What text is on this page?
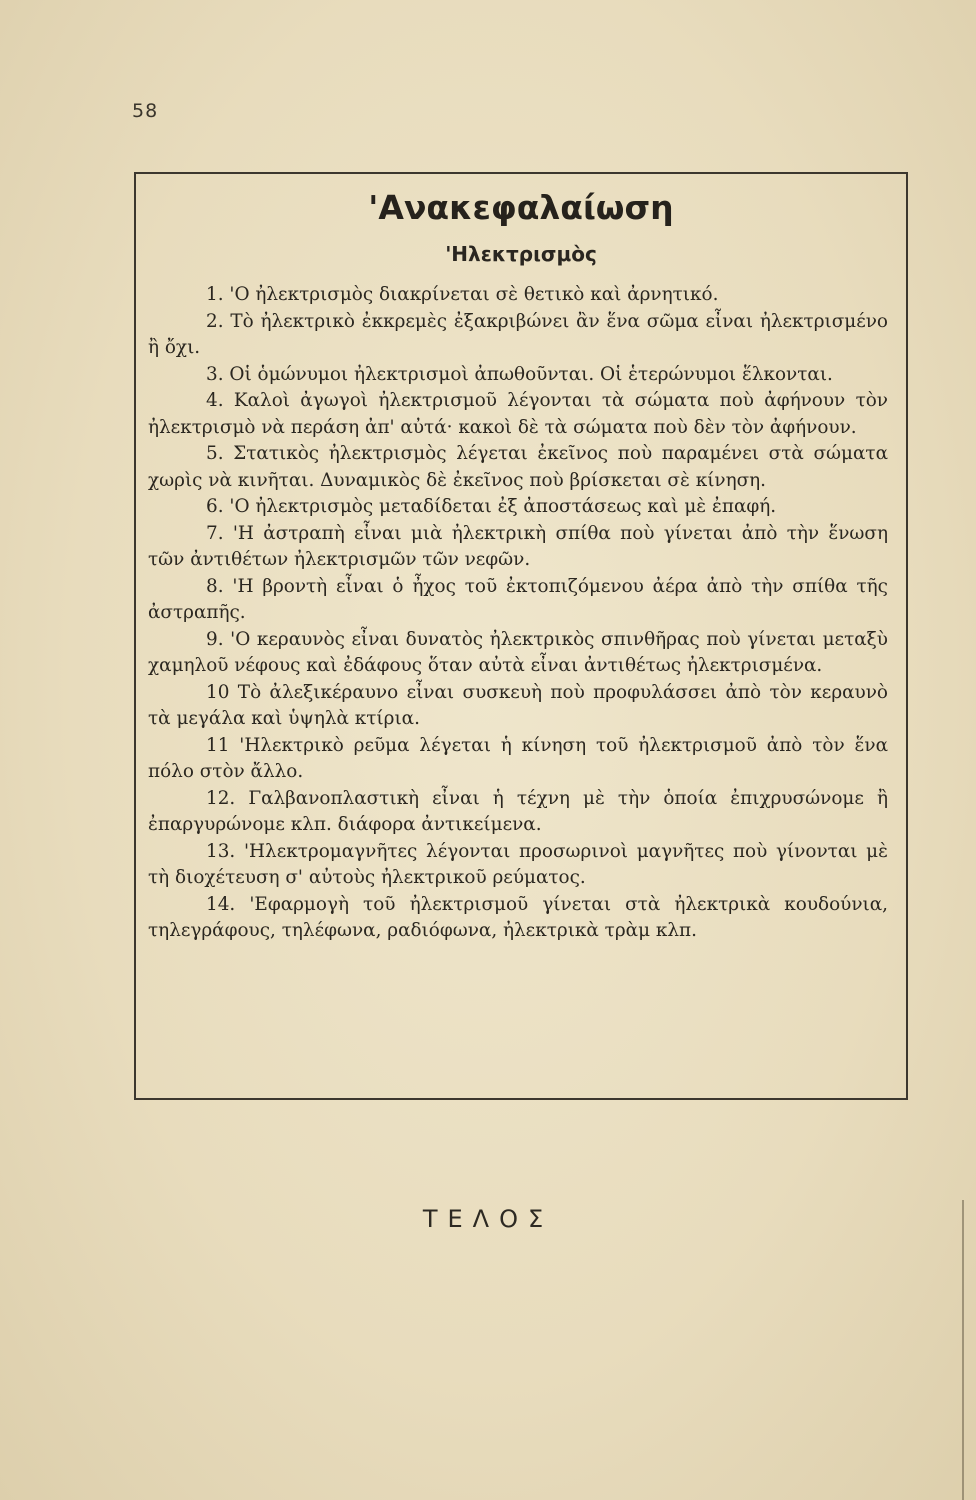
58
'Ανακεφαλαίωση
'Ηλεκτρισμὸς

1. 'Ο ἠλεκτρισμὸς διακρίνεται σὲ θετικὸ καὶ ἀρνητικό.

2. Τὸ ἠλεκτρικὸ ἐκκρεμὲς ἐξακριβώνει ἂν ἕνα σῶμα εἶναι ἠλεκτρισμένο ἢ ὄχι.

3. Οἱ ὁμώνυμοι ἠλεκτρισμοὶ ἀπωθοῦνται. Οἱ ἑτερώνυμοι ἕλκονται.

4. Καλοὶ ἀγωγοὶ ἠλεκτρισμοῦ λέγονται τὰ σώματα ποὺ ἀφήνουν τὸν ἠλεκτρισμὸ νὰ περάση ἀπ' αὐτά· κακοὶ δὲ τὰ σώματα ποὺ δὲν τὸν ἀφήνουν.

5. Στατικὸς ἠλεκτρισμὸς λέγεται ἐκεῖνος ποὺ παραμένει στὰ σώματα χωρὶς νὰ κινῆται. Δυναμικὸς δὲ ἐκεῖνος ποὺ βρίσκεται σὲ κίνηση.

6. 'Ο ἠλεκτρισμὸς μεταδίδεται ἐξ ἀποστάσεως καὶ μὲ ἐπαφή.

7. 'Η ἀστραπὴ εἶναι μιὰ ἠλεκτρικὴ σπίθα ποὺ γίνεται ἀπὸ τὴν ἕνωση τῶν ἀντιθέτων ἠλεκτρισμῶν τῶν νεφῶν.

8. 'Η βροντὴ εἶναι ὁ ἦχος τοῦ ἐκτοπιζόμενου ἀέρα ἀπὸ τὴν σπίθα τῆς ἀστραπῆς.

9. 'Ο κεραυνὸς εἶναι δυνατὸς ἠλεκτρικὸς σπινθῆρας ποὺ γίνεται μεταξὺ χαμηλοῦ νέφους καὶ ἐδάφους ὅταν αὐτὰ εἶναι ἀντιθέτως ἠλεκτρισμένα.

10 Τὸ ἀλεξικέραυνο εἶναι συσκευὴ ποὺ προφυλάσσει ἀπὸ τὸν κεραυνὸ τὰ μεγάλα καὶ ὑψηλὰ κτίρια.

11 'Ηλεκτρικὸ ρεῦμα λέγεται ἡ κίνηση τοῦ ἠλεκτρισμοῦ ἀπὸ τὸν ἕνα πόλο στὸν ἄλλο.

12. Γαλβανοπλαστικὴ εἶναι ἡ τέχνη μὲ τὴν ὁποία ἐπιχρυσώνομε ἢ ἐπαργυρώνομε κλπ. διάφορα ἀντικείμενα.

13. 'Ηλεκτρομαγνῆτες λέγονται προσωρινοὶ μαγνῆτες ποὺ γίνονται μὲ τὴ διοχέτευση σ' αὐτοὺς ἠλεκτρικοῦ ρεύματος.

14. 'Εφαρμογὴ τοῦ ἠλεκτρισμοῦ γίνεται στὰ ἠλεκτρικὰ κουδούνια, τηλεγράφους, τηλέφωνα, ραδιόφωνα, ἠλεκτρικὰ τρὰμ κλπ.

ΤΕΛΟΣ
